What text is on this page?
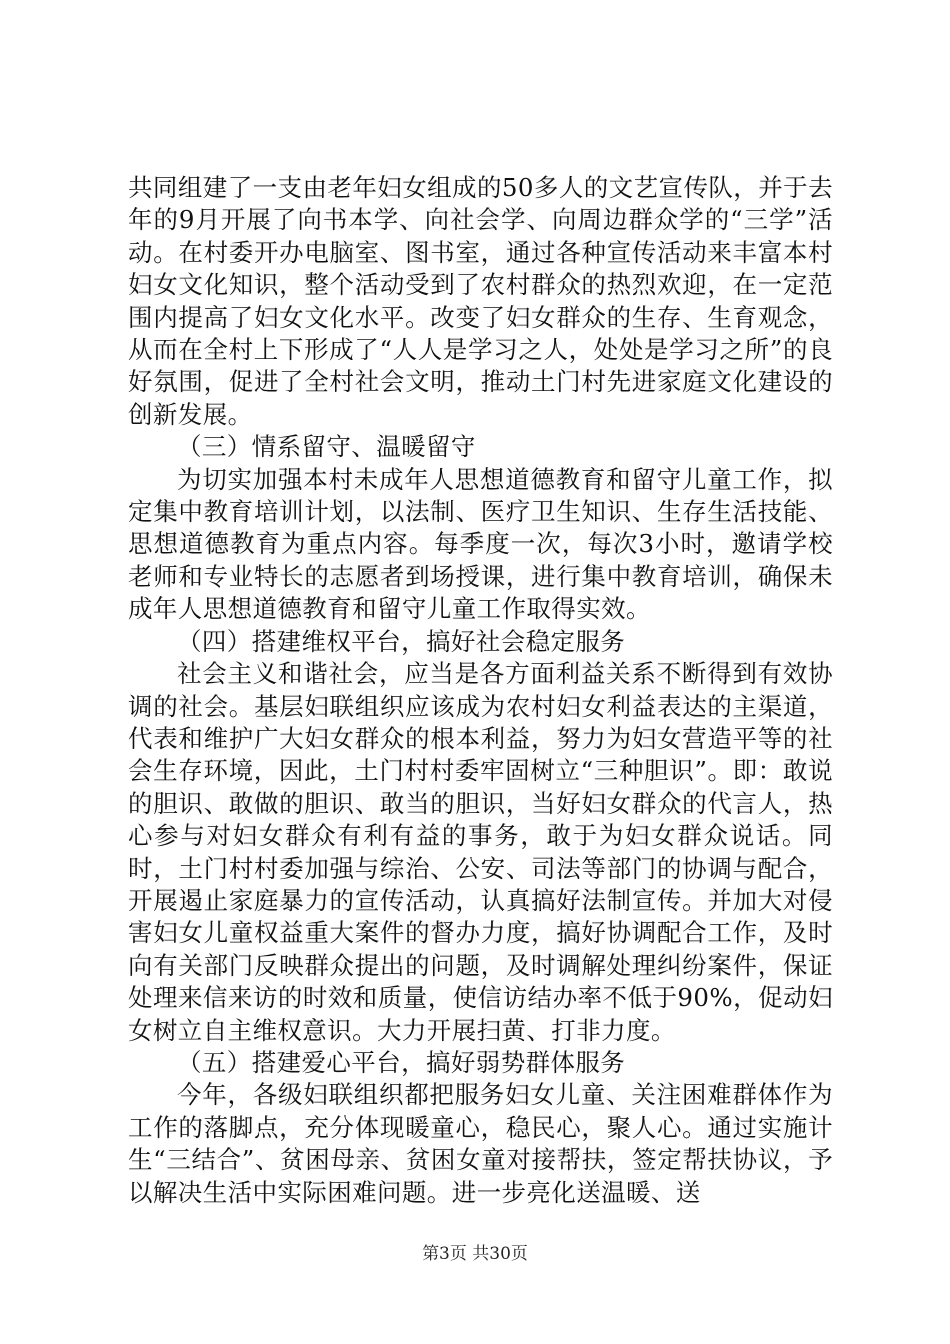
共同组建了一支由老年妇女组成的50多人的文艺宣传队，并于去年的9月开展了向书本学、向社会学、向周边群众学的“三学”活动。在村委开办电脑室、图书室，通过各种宣传活动来丰富本村妇女文化知识，整个活动受到了农村群众的热烈欢迎，在一定范围内提高了妇女文化水平。改变了妇女群众的生存、生育观念，从而在全村上下形成了“人人是学习之人，处处是学习之所”的良好氛围，促进了全村社会文明，推动土门村先进家庭文化建设的创新发展。

（三）情系留守、温暖留守

为切实加强本村未成年人思想道德教育和留守儿童工作，拟定集中教育培训计划，以法制、医疗卫生知识、生存生活技能、思想道德教育为重点内容。每季度一次，每次3小时，邀请学校老师和专业特长的志愿者到场授课，进行集中教育培训，确保未成年人思想道德教育和留守儿童工作取得实效。

（四）搭建维权平台，搞好社会稳定服务

社会主义和谐社会，应当是各方面利益关系不断得到有效协调的社会。基层妇联组织应该成为农村妇女利益表达的主渠道，代表和维护广大妇女群众的根本利益，努力为妇女营造平等的社会生存环境，因此，土门村村委牢固树立“三种胆识”。即：敢说的胆识、敢做的胆识、敢当的胆识，当好妇女群众的代言人，热心参与对妇女群众有利有益的事务，敢于为妇女群众说话。同时，土门村村委加强与综治、公安、司法等部门的协调与配合，开展遏止家庭暴力的宣传活动，认真搞好法制宣传。并加大对侵害妇女儿童权益重大案件的督办力度，搞好协调配合工作，及时向有关部门反映群众提出的问题，及时调解处理纠纷案件，保证处理来信来访的时效和质量，使信访结办率不低于90%，促动妇女树立自主维权意识。大力开展扫黄、打非力度。

（五）搭建爱心平台，搞好弱势群体服务

今年，各级妇联组织都把服务妇女儿童、关注困难群体作为工作的落脚点，充分体现暖童心，稳民心，聚人心。通过实施计生“三结合”、贫困母亲、贫困女童对接帮扶，签定帮扶协议，予以解决生活中实际困难问题。进一步亮化送温暖、送

第3页 共30页
